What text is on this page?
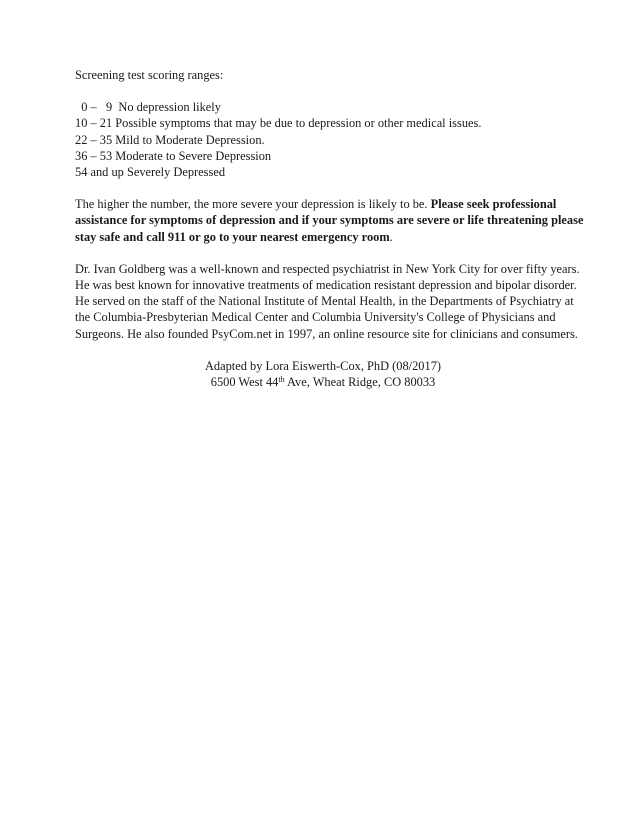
Screening test scoring ranges:
0 –   9  No depression likely
10 – 21 Possible symptoms that may be due to depression or other medical issues.
22 – 35 Mild to Moderate Depression.
36 – 53 Moderate to Severe Depression
54 and up Severely Depressed

The higher the number, the more severe your depression is likely to be. Please seek professional assistance for symptoms of depression and if your symptoms are severe or life threatening please stay safe and call 911 or go to your nearest emergency room.

Dr. Ivan Goldberg was a well-known and respected psychiatrist in New York City for over fifty years. He was best known for innovative treatments of medication resistant depression and bipolar disorder. He served on the staff of the National Institute of Mental Health, in the Departments of Psychiatry at the Columbia-Presbyterian Medical Center and Columbia University's College of Physicians and Surgeons. He also founded PsyCom.net in 1997, an online resource site for clinicians and consumers.

Adapted by Lora Eiswerth-Cox, PhD (08/2017)
6500 West 44th Ave, Wheat Ridge, CO 80033
